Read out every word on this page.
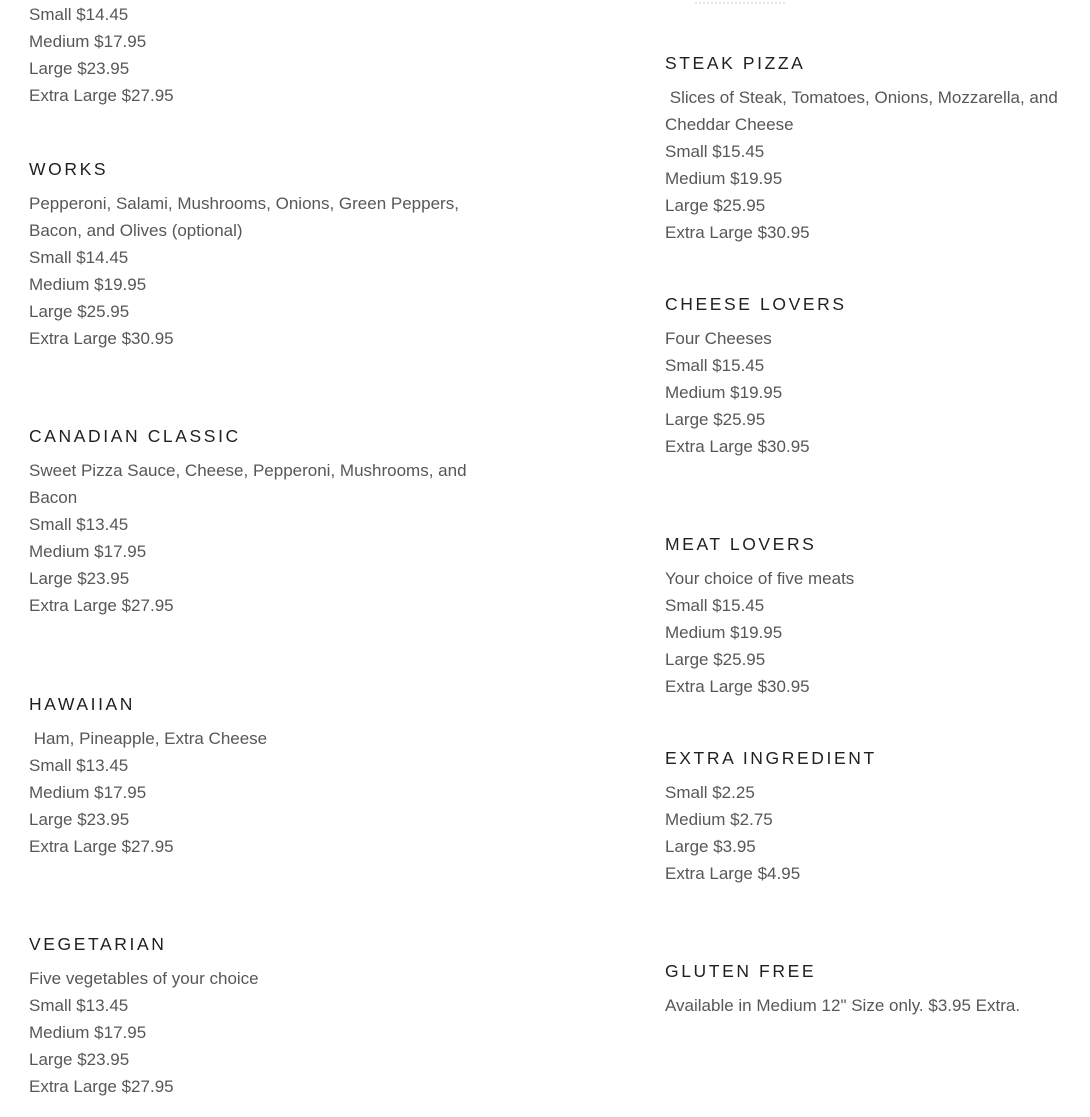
Small $14.45

Medium $17.95

Large $23.95

Extra Large $27.95

WORKS

Pepperoni, Salami, Mushrooms, Onions, Green Peppers, Bacon, and Olives (optional)

Small $14.45

Medium $19.95

Large $25.95

Extra Large $30.95

CANADIAN CLASSIC

Sweet Pizza Sauce, Cheese, Pepperoni, Mushrooms, and Bacon

Small $13.45

Medium $17.95

Large $23.95

Extra Large $27.95

HAWAIIAN

Ham, Pineapple, Extra Cheese

Small $13.45

Medium $17.95

Large $23.95

Extra Large $27.95

VEGETARIAN

Five vegetables of your choice

Small $13.45

Medium $17.95

Large $23.95

Extra Large $27.95

STEAK PIZZA

Slices of Steak, Tomatoes, Onions, Mozzarella, and Cheddar Cheese

Small $15.45

Medium $19.95

Large $25.95

Extra Large $30.95

CHEESE LOVERS

Four Cheeses

Small $15.45

Medium $19.95

Large $25.95

Extra Large $30.95

MEAT LOVERS

Your choice of five meats

Small $15.45

Medium $19.95

Large $25.95

Extra Large $30.95

EXTRA INGREDIENT

Small $2.25

Medium $2.75

Large $3.95

Extra Large $4.95

GLUTEN FREE

Available in Medium 12" Size only. $3.95 Extra.
